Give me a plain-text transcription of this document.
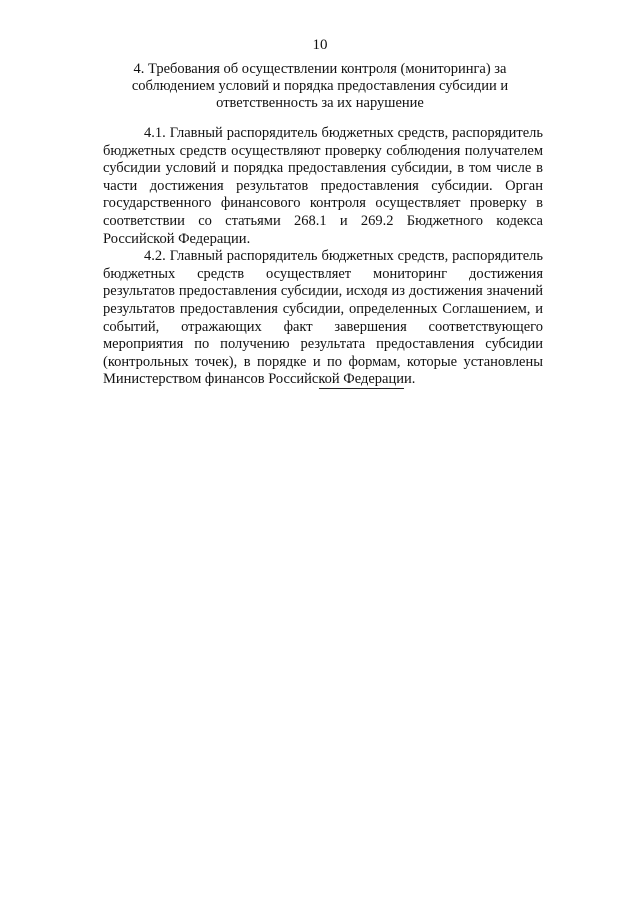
10
4. Требования об осуществлении контроля (мониторинга) за соблюдением условий и порядка предоставления субсидии и ответственность за их нарушение

4.1. Главный распорядитель бюджетных средств, распорядитель бюджетных средств осуществляют проверку соблюдения получателем субсидии условий и порядка предоставления субсидии, в том числе в части достижения результатов предоставления субсидии. Орган государственного финансового контроля осуществляет проверку в соответствии со статьями 268.1 и 269.2 Бюджетного кодекса Российской Федерации.

4.2. Главный распорядитель бюджетных средств, распорядитель бюджетных средств осуществляет мониторинг достижения результатов предоставления субсидии, исходя из достижения значений результатов предоставления субсидии, определенных Соглашением, и событий, отражающих факт завершения соответствующего мероприятия по получению результата предоставления субсидии (контрольных точек), в порядке и по формам, которые установлены Министерством финансов Российской Федерации.
